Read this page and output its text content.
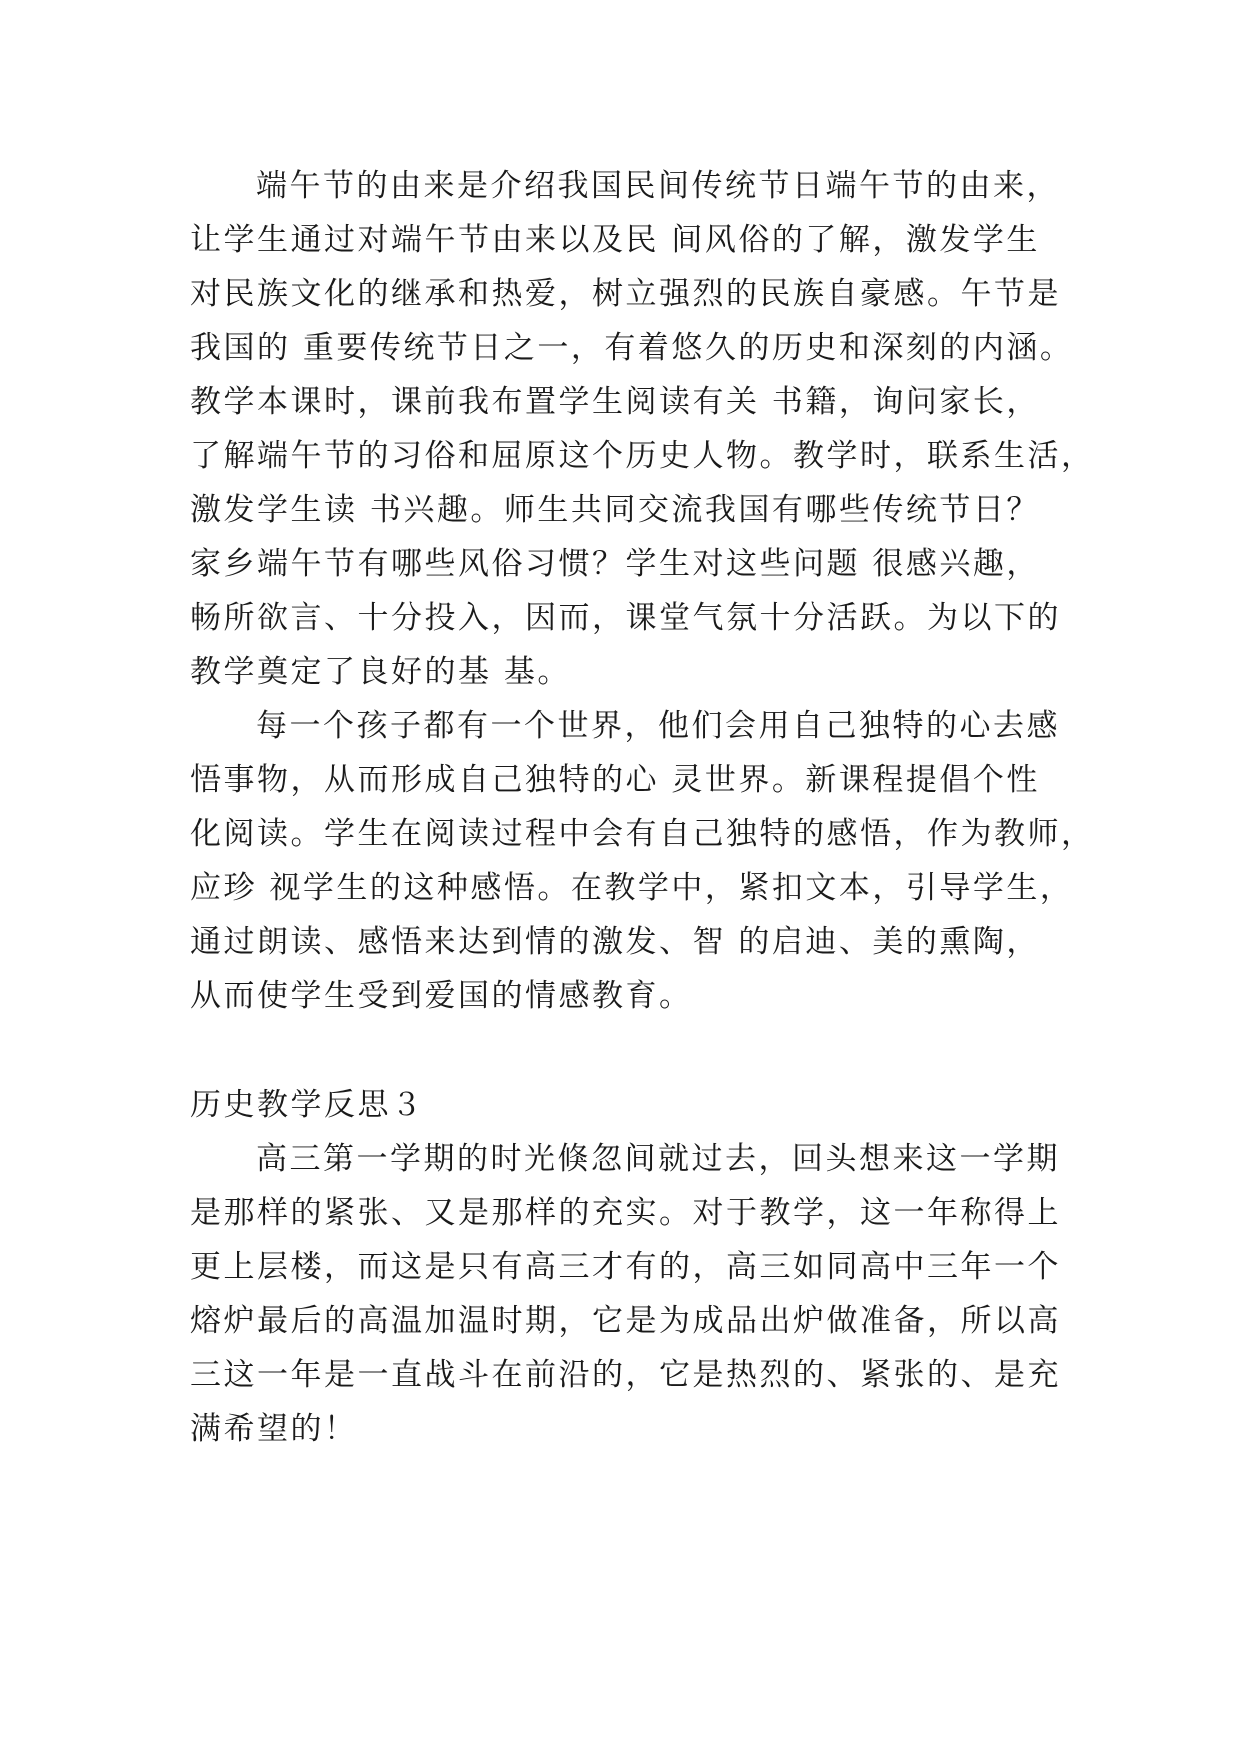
端午节的由来是介绍我国民间传统节日端午节的由来，
让学生通过对端午节由来以及民 间风俗的了解，激发学生
对民族文化的继承和热爱，树立强烈的民族自豪感。午节是
我国的 重要传统节日之一，有着悠久的历史和深刻的内涵。
教学本课时，课前我布置学生阅读有关 书籍，询问家长，
了解端午节的习俗和屈原这个历史人物。教学时，联系生活，
激发学生读 书兴趣。师生共同交流我国有哪些传统节日？
家乡端午节有哪些风俗习惯？学生对这些问题 很感兴趣，
畅所欲言、十分投入，因而，课堂气氛十分活跃。为以下的
教学奠定了良好的基 基。
每一个孩子都有一个世界，他们会用自己独特的心去感
悟事物，从而形成自己独特的心 灵世界。新课程提倡个性
化阅读。学生在阅读过程中会有自己独特的感悟，作为教师，
应珍 视学生的这种感悟。在教学中，紧扣文本，引导学生，
通过朗读、感悟来达到情的激发、智 的启迪、美的熏陶，
从而使学生受到爱国的情感教育。
历史教学反思３
高三第一学期的时光倏忽间就过去，回头想来这一学期
是那样的紧张、又是那样的充实。对于教学，这一年称得上
更上层楼，而这是只有高三才有的，高三如同高中三年一个
熔炉最后的高温加温时期，它是为成品出炉做准备，所以高
三这一年是一直战斗在前沿的，它是热烈的、紧张的、是充
满希望的！
